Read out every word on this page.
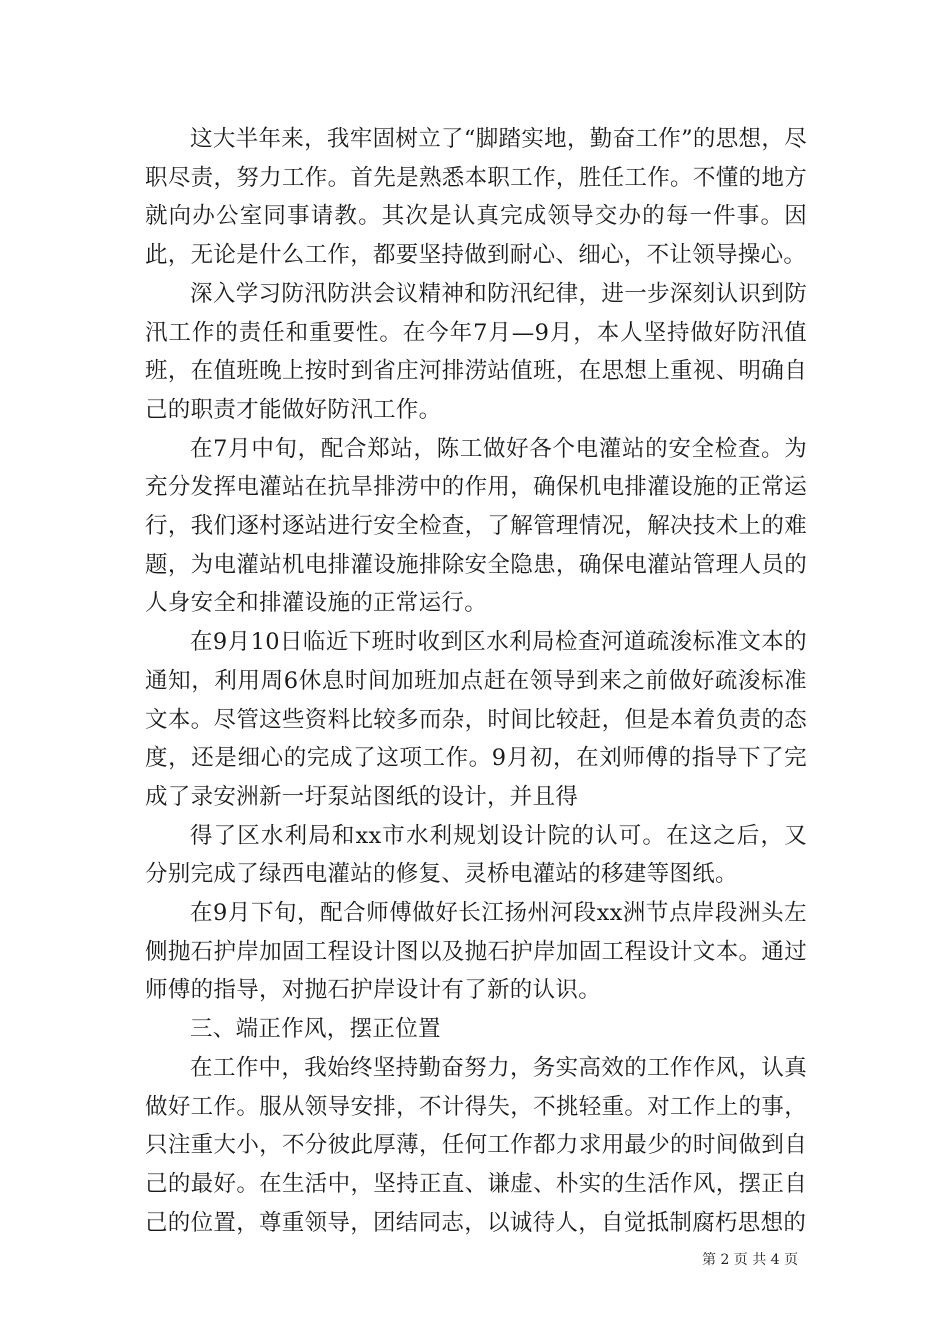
这大半年来，我牢固树立了“脚踏实地，勤奋工作”的思想，尽职尽责，努力工作。首先是熟悉本职工作，胜任工作。不懂的地方就向办公室同事请教。其次是认真完成领导交办的每一件事。因此，无论是什么工作，都要坚持做到耐心、细心，不让领导操心。

深入学习防汛防洪会议精神和防汛纪律，进一步深刻认识到防汛工作的责任和重要性。在今年7月—9月，本人坚持做好防汛值班，在值班晚上按时到省庄河排涝站值班，在思想上重视、明确自己的职责才能做好防汛工作。

在7月中旬，配合郑站，陈工做好各个电灌站的安全检查。为充分发挥电灌站在抗旱排涝中的作用，确保机电排灌设施的正常运行，我们逐村逐站进行安全检查，了解管理情况，解决技术上的难题，为电灌站机电排灌设施排除安全隐患，确保电灌站管理人员的人身安全和排灌设施的正常运行。

在9月10日临近下班时收到区水利局检查河道疏浚标准文本的通知，利用周6休息时间加班加点赶在领导到来之前做好疏浚标准文本。尽管这些资料比较多而杂，时间比较赶，但是本着负责的态度，还是细心的完成了这项工作。9月初，在刘师傅的指导下了完成了录安洲新一圩泵站图纸的设计，并且得

得了区水利局和xx市水利规划设计院的认可。在这之后，又分别完成了绿西电灌站的修复、灵桥电灌站的移建等图纸。

在9月下旬，配合师傅做好长江扬州河段xx洲节点岸段洲头左侧抛石护岸加固工程设计图以及抛石护岸加固工程设计文本。通过师傅的指导，对抛石护岸设计有了新的认识。

三、端正作风，摆正位置

在工作中，我始终坚持勤奋努力，务实高效的工作作风，认真做好工作。服从领导安排，不计得失，不挑轻重。对工作上的事，只注重大小，不分彼此厚薄，任何工作都力求用最少的时间做到自己的最好。在生活中，坚持正直、谦虚、朴实的生活作风，摆正自己的位置，尊重领导，团结同志，以诚待人，自觉抵制腐朽思想的

第 2 页 共 4 页
